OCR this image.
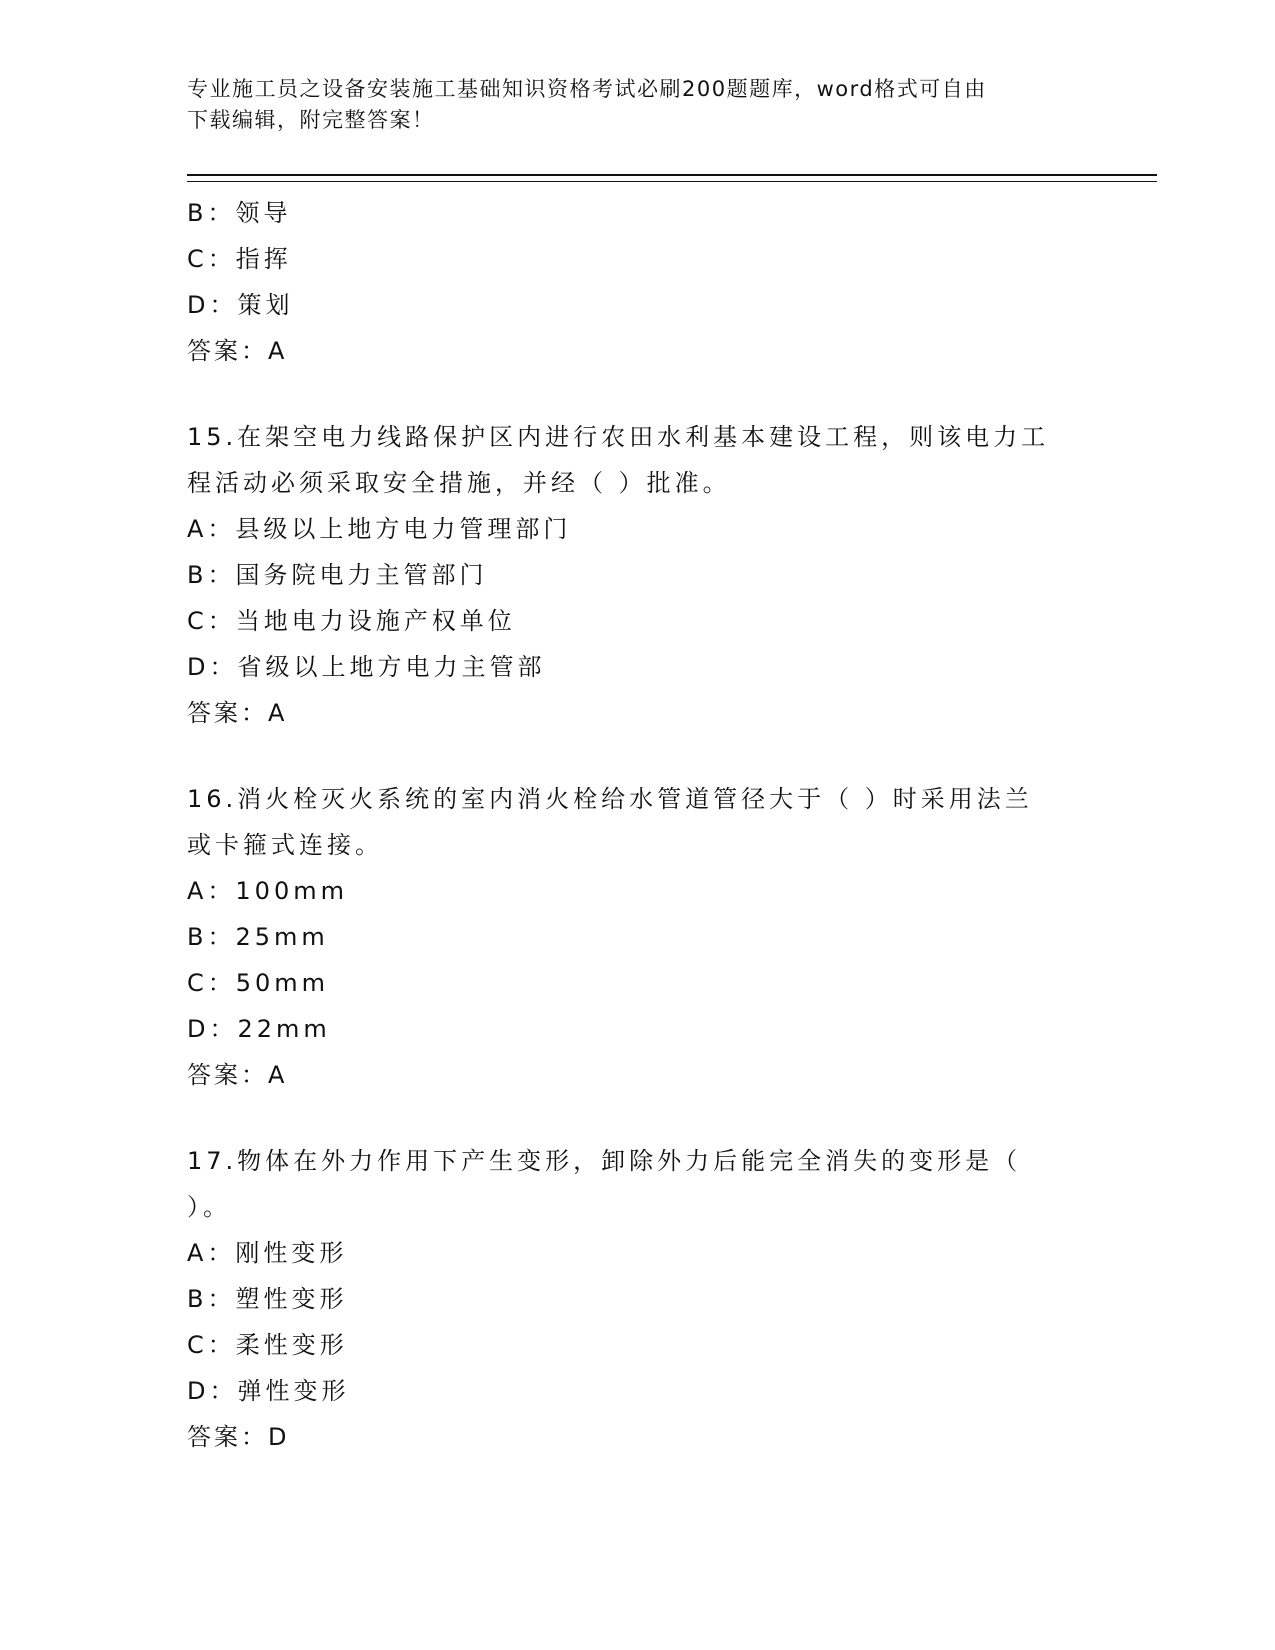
专业施工员之设备安装施工基础知识资格考试必刷200题题库，word格式可自由
下载编辑，附完整答案！
B：领导
C：指挥
D：策划
答案：A
15.在架空电力线路保护区内进行农田水利基本建设工程，则该电力工
程活动必须采取安全措施，并经（ ）批准。
A：县级以上地方电力管理部门
B：国务院电力主管部门
C：当地电力设施产权单位
D：省级以上地方电力主管部
答案：A
16.消火栓灭火系统的室内消火栓给水管道管径大于（ ）时采用法兰
或卡箍式连接。
A：100mm
B：25mm
C：50mm
D：22mm
答案：A
17.物体在外力作用下产生变形，卸除外力后能完全消失的变形是（
）。
A：刚性变形
B：塑性变形
C：柔性变形
D：弹性变形
答案：D
